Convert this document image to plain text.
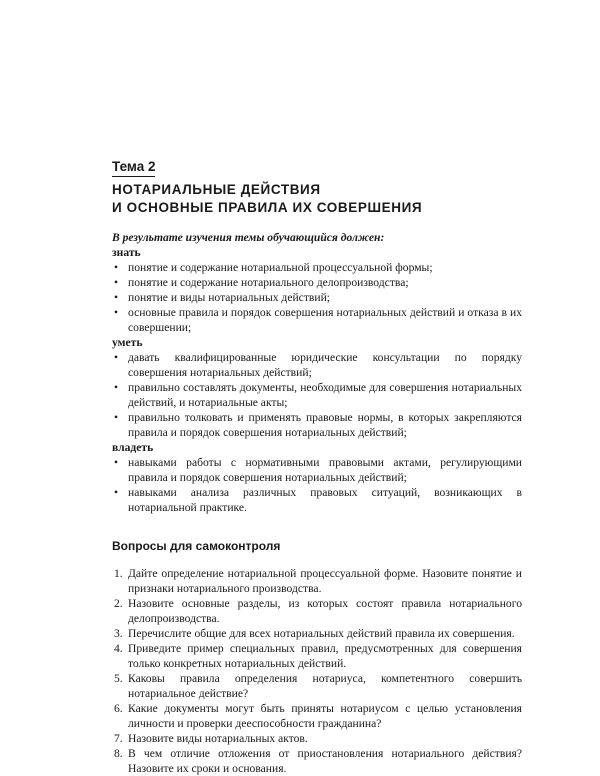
Тема 2

НОТАРИАЛЬНЫЕ ДЕЙСТВИЯ
И ОСНОВНЫЕ ПРАВИЛА ИХ СОВЕРШЕНИЯ

В результате изучения темы обучающийся должен:

знать

• понятие и содержание нотариальной процессуальной формы;
• понятие и содержание нотариального делопроизводства;
• понятие и виды нотариальных действий;
• основные правила и порядок совершения нотариальных действий и отказа в их совершении;

уметь

• давать квалифицированные юридические консультации по порядку совершения нотариальных действий;
• правильно составлять документы, необходимые для совершения нотариальных действий, и нотариальные акты;
• правильно толковать и применять правовые нормы, в которых закрепляются правила и порядок совершения нотариальных действий;

владеть

• навыками работы с нормативными правовыми актами, регулирующими правила и порядок совершения нотариальных действий;
• навыками анализа различных правовых ситуаций, возникающих в нотариальной практике.
Вопросы для самоконтроля
1. Дайте определение нотариальной процессуальной форме. Назовите понятие и признаки нотариального производства.
2. Назовите основные разделы, из которых состоят правила нотариального делопроизводства.
3. Перечислите общие для всех нотариальных действий правила их совершения.
4. Приведите пример специальных правил, предусмотренных для совершения только конкретных нотариальных действий.
5. Каковы правила определения нотариуса, компетентного совершить нотариальное действие?
6. Какие документы могут быть приняты нотариусом с целью установления личности и проверки дееспособности гражданина?
7. Назовите виды нотариальных актов.
8. В чем отличие отложения от приостановления нотариального действия? Назовите их сроки и основания.
